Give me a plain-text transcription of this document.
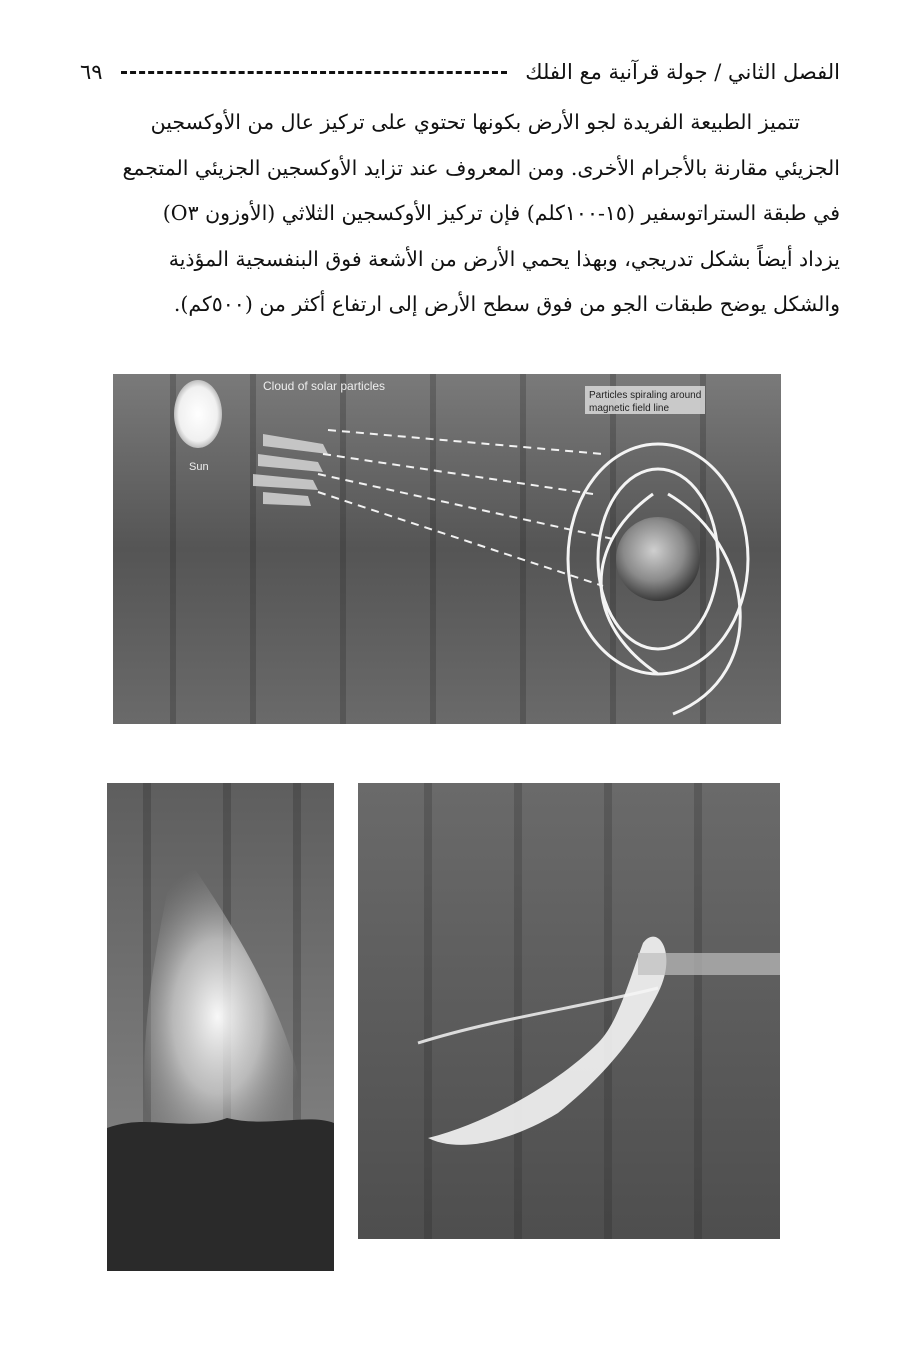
الفصل الثاني / جولة قرآنية مع الفلك
٦٩

تتميز الطبيعة الفريدة لجو الأرض بكونها تحتوي على تركيز عال من الأوكسجين

الجزيئي مقارنة بالأجرام الأخرى. ومن المعروف عند تزايد الأوكسجين الجزيئي المتجمع

في طبقة الستراتوسفير (١٥-١٠٠كلم) فإن تركيز الأوكسجين الثلاثي (الأوزون O٣)

يزداد أيضاً بشكل تدريجي، وبهذا يحمي الأرض من الأشعة فوق البنفسجية المؤذية

والشكل يوضح طبقات الجو من فوق سطح الأرض إلى ارتفاع أكثر من (٥٠٠كم).

Sun
Cloud of solar particles
Particles spiraling around
magnetic field line
